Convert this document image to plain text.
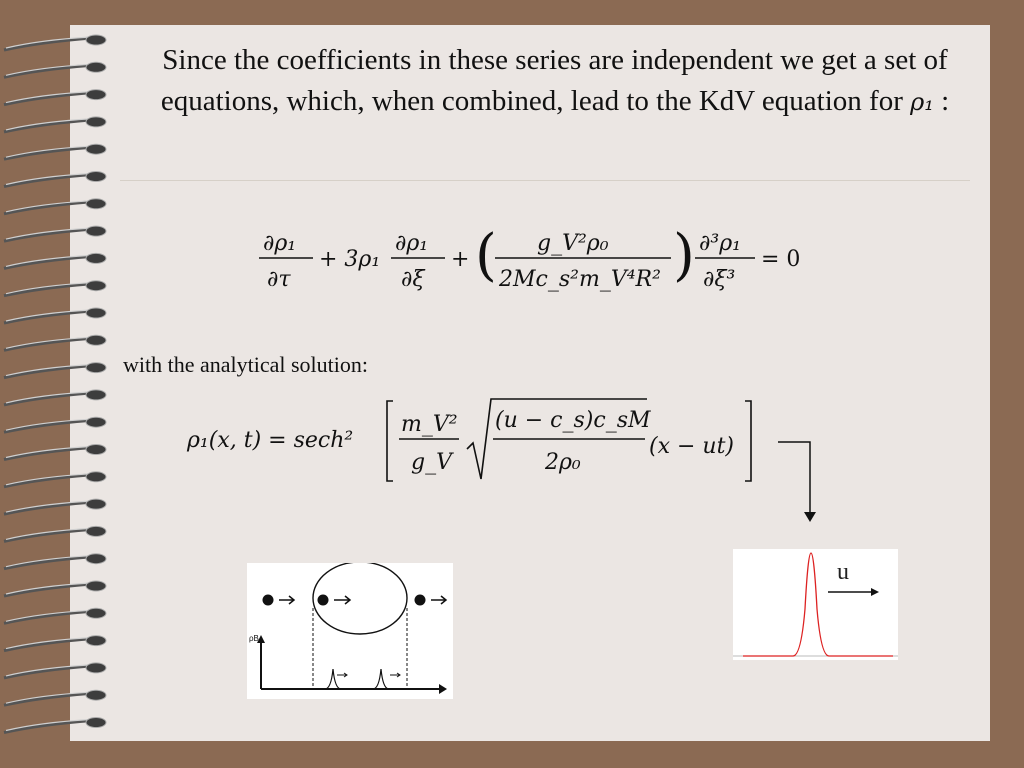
Since the coefficients in these series are independent we get a set of equations, which, when combined, lead to the KdV equation for ρ₁ :
∂ρ₁
∂τ
+ 3ρ₁
∂ρ₁
∂ξ
+ ( g_V²ρ₀
2Mc_s²m_V⁴R² ) ∂³ρ₁
∂ξ³
= 0
with the analytical solution:
ρ₁(x, t) = sech²
m_V²
g_V
(u − c_s)c_sM
2ρ₀
(x − ut)
ρB
u
